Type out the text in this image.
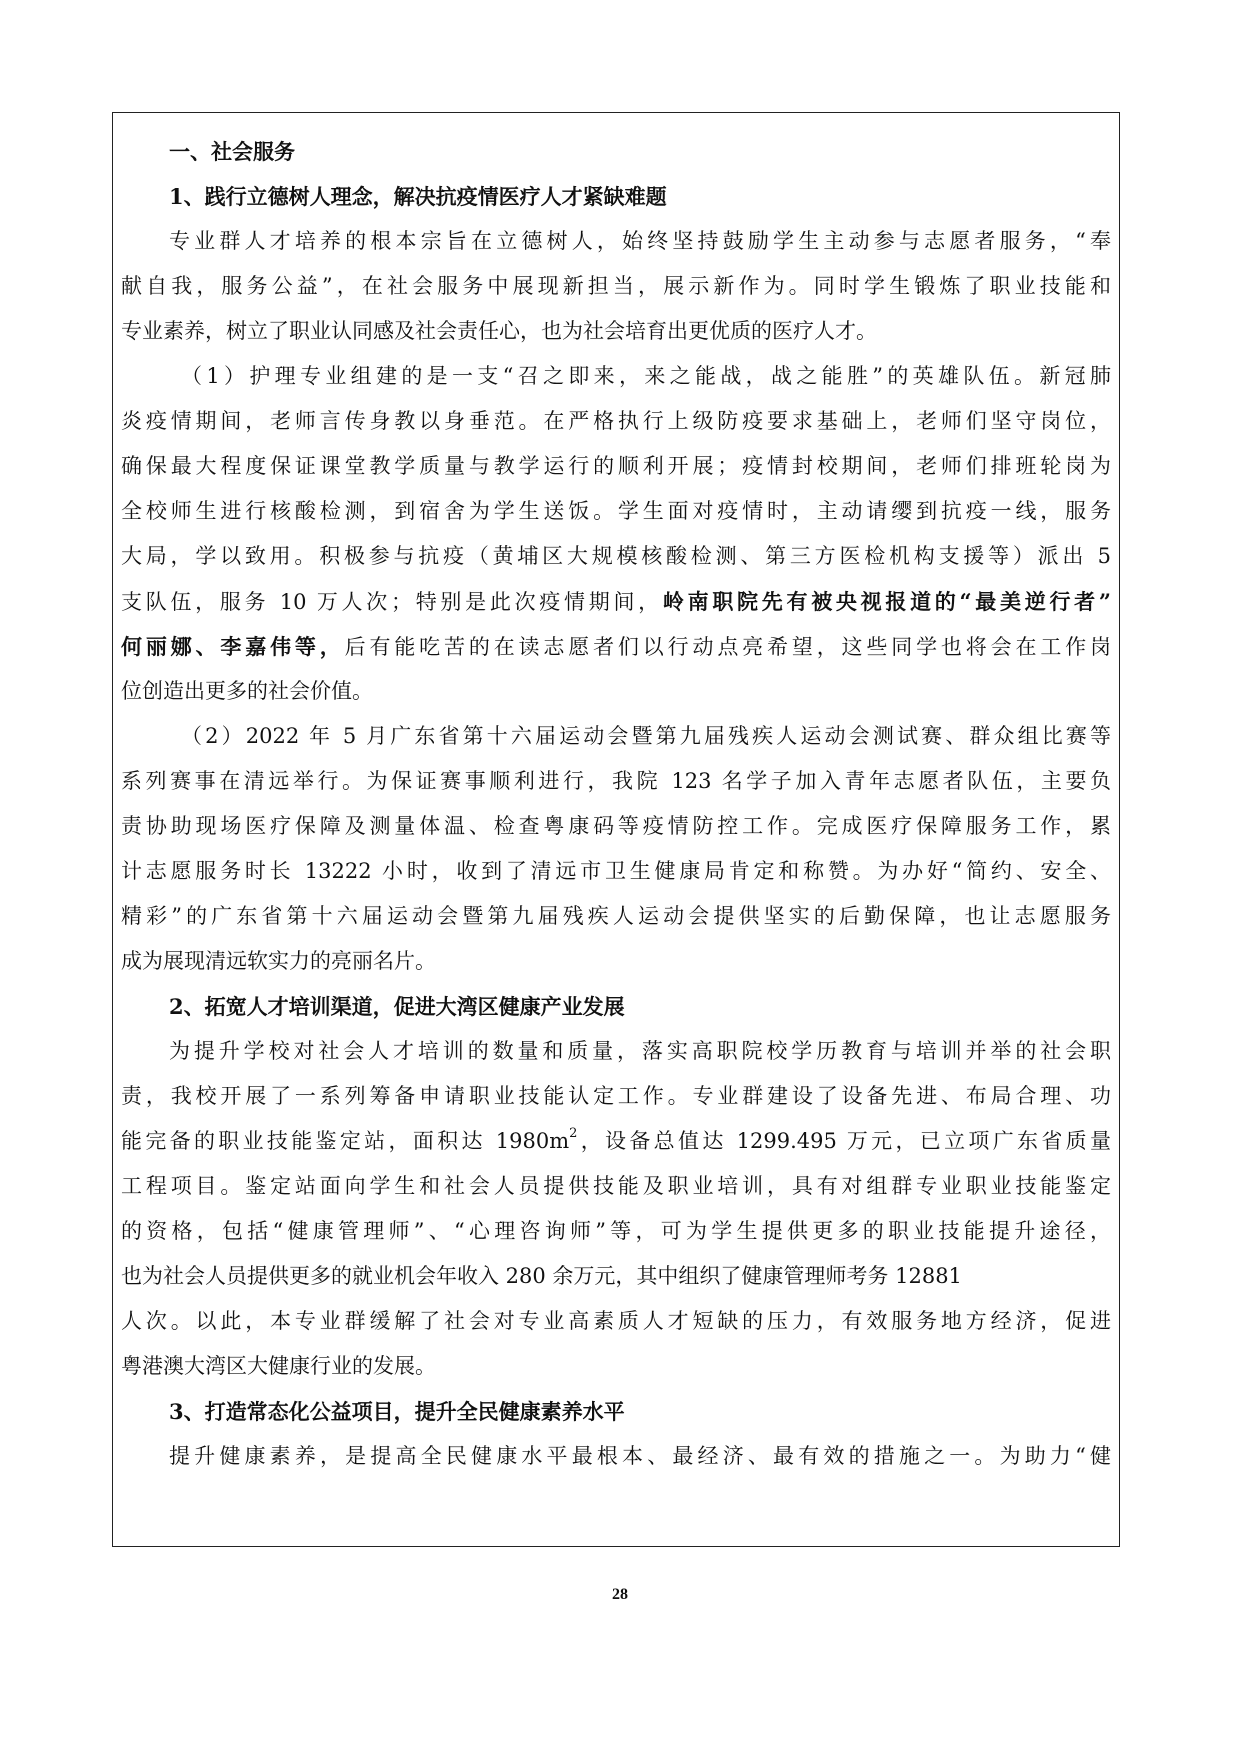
一、社会服务
1、践行立德树人理念，解决抗疫情医疗人才紧缺难题
专业群人才培养的根本宗旨在立德树人，始终坚持鼓励学生主动参与志愿者服务，“奉
献自我，服务公益”，在社会服务中展现新担当，展示新作为。同时学生锻炼了职业技能和
专业素养，树立了职业认同感及社会责任心，也为社会培育出更优质的医疗人才。
（1）护理专业组建的是一支“召之即来，来之能战，战之能胜”的英雄队伍。新冠肺
炎疫情期间，老师言传身教以身垂范。在严格执行上级防疫要求基础上，老师们坚守岗位，
确保最大程度保证课堂教学质量与教学运行的顺利开展；疫情封校期间，老师们排班轮岗为
全校师生进行核酸检测，到宿舍为学生送饭。学生面对疫情时，主动请缨到抗疫一线，服务
大局，学以致用。积极参与抗疫（黄埔区大规模核酸检测、第三方医检机构支援等）派出 5
支队伍，服务 10 万人次；特别是此次疫情期间，岭南职院先有被央视报道的“最美逆行者”
何丽娜、李嘉伟等，后有能吃苦的在读志愿者们以行动点亮希望，这些同学也将会在工作岗
位创造出更多的社会价值。
（2）2022 年 5 月广东省第十六届运动会暨第九届残疾人运动会测试赛、群众组比赛等
系列赛事在清远举行。为保证赛事顺利进行，我院 123 名学子加入青年志愿者队伍，主要负
责协助现场医疗保障及测量体温、检查粤康码等疫情防控工作。完成医疗保障服务工作，累
计志愿服务时长 13222 小时，收到了清远市卫生健康局肯定和称赞。为办好“简约、安全、
精彩”的广东省第十六届运动会暨第九届残疾人运动会提供坚实的后勤保障，也让志愿服务
成为展现清远软实力的亮丽名片。
2、拓宽人才培训渠道，促进大湾区健康产业发展
为提升学校对社会人才培训的数量和质量，落实高职院校学历教育与培训并举的社会职
责，我校开展了一系列筹备申请职业技能认定工作。专业群建设了设备先进、布局合理、功
能完备的职业技能鉴定站，面积达 $1980m^2$，设备总值达 1299.495 万元，已立项广东省质量
工程项目。鉴定站面向学生和社会人员提供技能及职业培训，具有对组群专业职业技能鉴定
的资格，包括“健康管理师”、“心理咨询师”等，可为学生提供更多的职业技能提升途径，
也为社会人员提供更多的就业机会年收入 280 余万元，其中组织了健康管理师考务 12881
人次。以此，本专业群缓解了社会对专业高素质人才短缺的压力，有效服务地方经济，促进
粤港澳大湾区大健康行业的发展。
3、打造常态化公益项目，提升全民健康素养水平
提升健康素养，是提高全民健康水平最根本、最经济、最有效的措施之一。为助力“健
28
